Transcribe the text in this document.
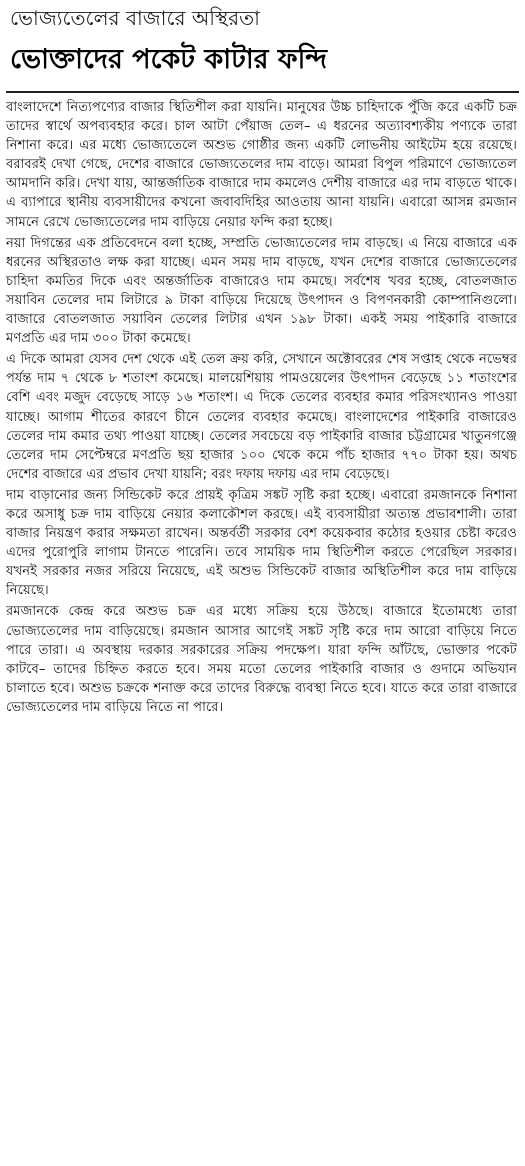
ভোজ্যতেলের বাজারে অস্থিরতা
ভোক্তাদের পকেট কাটার ফন্দি

বাংলাদেশে নিত্যপণ্যের বাজার স্থিতিশীল করা যায়নি। মানুষের উচ্চ চাহিদাকে পুঁজি করে একটি চক্র তাদের স্বার্থে অপব্যবহার করে। চাল আটা পেঁয়াজ তেল– এ ধরনের অত্যাবশ্যকীয় পণ্যকে তারা নিশানা করে। এর মধ্যে ভোজ্যতেলে অশুভ গোষ্ঠীর জন্য একটি লোভনীয় আইটেম হয়ে রয়েছে। বরাবরই দেখা গেছে, দেশের বাজারে ভোজ্যতেলের দাম বাড়ে। আমরা বিপুল পরিমাণে ভোজ্যতেল আমদানি করি। দেখা যায়, আন্তর্জাতিক বাজারে দাম কমলেও দেশীয় বাজারে এর দাম বাড়তে থাকে। এ ব্যাপারে স্থানীয় ব্যবসায়ীদের কখনো জবাবদিহির আওতায় আনা যায়নি। এবারো আসন্ন রমজান সামনে রেখে ভোজ্যতেলের দাম বাড়িয়ে নেয়ার ফন্দি করা হচ্ছে।

নয়া দিগন্তের এক প্রতিবেদনে বলা হচ্ছে, সম্প্রতি ভোজ্যতেলের দাম বাড়ছে। এ নিয়ে বাজারে এক ধরনের অস্থিরতাও লক্ষ করা যাচ্ছে। এমন সময় দাম বাড়ছে, যখন দেশের বাজারে ভোজ্যতেলের চাহিদা কমতির দিকে এবং অন্তর্জাতিক বাজারেও দাম কমছে। সর্বশেষ খবর হচ্ছে, বোতলজাত সয়াবিন তেলের দাম লিটারে ৯ টাকা বাড়িয়ে দিয়েছে উৎপাদন ও বিপণনকারী কোম্পানিগুলো। বাজারে বোতলজাত সয়াবিন তেলের লিটার এখন ১৯৮ টাকা। একই সময় পাইকারি বাজারে মণপ্রতি এর দাম ৩০০ টাকা কমেছে।

এ দিকে আমরা যেসব দেশ থেকে এই তেল ক্রয় করি, সেখানে অক্টোবরের শেষ সপ্তাহ থেকে নভেম্বর পর্যন্ত দাম ৭ থেকে ৮ শতাংশ কমেছে। মালয়েশিয়ায় পামওয়েলের উৎপাদন বেড়েছে ১১ শতাংশের বেশি এবং মজুদ বেড়েছে সাড়ে ১৬ শতাংশ। এ দিকে তেলের ব্যবহার কমার পরিসংখ্যানও পাওয়া যাচ্ছে। আগাম শীতের কারণে চীনে তেলের ব্যবহার কমেছে। বাংলাদেশের পাইকারি বাজারেও তেলের দাম কমার তথ্য পাওয়া যাচ্ছে। তেলের সবচেয়ে বড় পাইকারি বাজার চট্টগ্রামের খাতুনগঞ্জে তেলের দাম সেপ্টেম্বরে মণপ্রতি ছয় হাজার ১০০ থেকে কমে পাঁচ হাজার ৭৭০ টাকা হয়। অথচ দেশের বাজারে এর প্রভাব দেখা যায়নি; বরং দফায় দফায় এর দাম বেড়েছে।

দাম বাড়ানোর জন্য সিন্ডিকেট করে প্রায়ই কৃত্রিম সঙ্কট সৃষ্টি করা হচ্ছে। এবারো রমজানকে নিশানা করে অসাধু চক্র দাম বাড়িয়ে নেয়ার কলাকৌশল করছে। এই ব্যবসায়ীরা অত্যন্ত প্রভাবশালী। তারা বাজার নিয়ন্ত্রণ করার সক্ষমতা রাখেন। অন্তর্বর্তী সরকার বেশ কয়েকবার কঠোর হওয়ার চেষ্টা করেও এদের পুরোপুরি লাগাম টানতে পারেনি। তবে সাময়িক দাম স্থিতিশীল করতে পেরেছিল সরকার। যখনই সরকার নজর সরিয়ে নিয়েছে, এই অশুভ সিন্ডিকেট বাজার অস্থিতিশীল করে দাম বাড়িয়ে নিয়েছে।

রমজানকে কেন্দ্র করে অশুভ চক্র এর মধ্যে সক্রিয় হয়ে উঠছে। বাজারে ইতোমধ্যে তারা ভোজ্যতেলের দাম বাড়িয়েছে। রমজান আসার আগেই সঙ্কট সৃষ্টি করে দাম আরো বাড়িয়ে নিতে পারে তারা। এ অবস্থায় দরকার সরকারের সক্রিয় পদক্ষেপ। যারা ফন্দি আঁটছে, ভোক্তার পকেট কাটবে– তাদের চিহ্নিত করতে হবে। সময় মতো তেলের পাইকারি বাজার ও গুদামে অভিযান চালাতে হবে। অশুভ চক্রকে শনাক্ত করে তাদের বিরুদ্ধে ব্যবস্থা নিতে হবে। যাতে করে তারা বাজারে ভোজ্যতেলের দাম বাড়িয়ে নিতে না পারে।
